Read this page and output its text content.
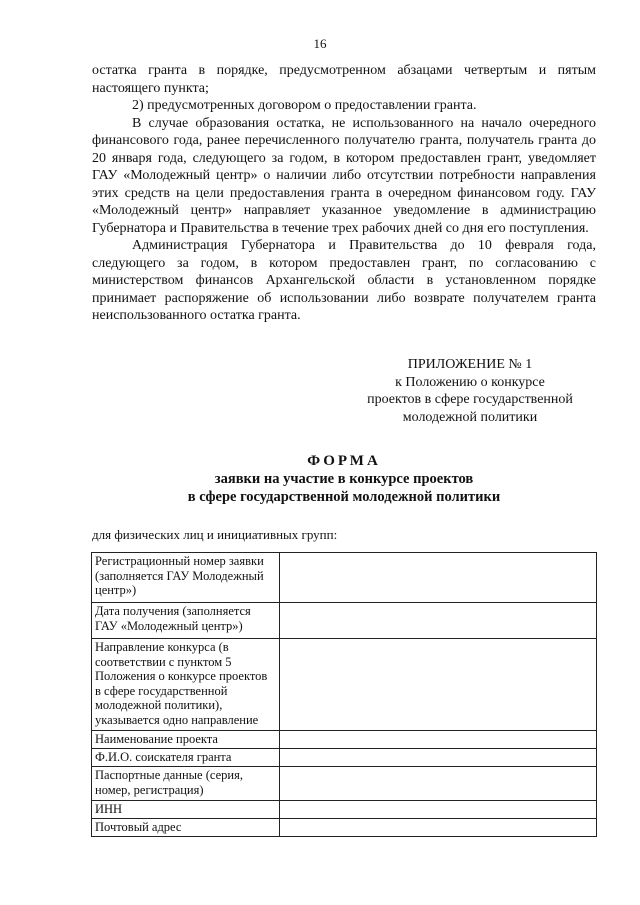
16

остатка гранта в порядке, предусмотренном абзацами четвертым и пятым настоящего пункта;

2) предусмотренных договором о предоставлении гранта.

В случае образования остатка, не использованного на начало очередного финансового года, ранее перечисленного получателю гранта, получатель гранта до 20 января года, следующего за годом, в котором предоставлен грант, уведомляет ГАУ «Молодежный центр» о наличии либо отсутствии потребности направления этих средств на цели предоставления гранта в очередном финансовом году. ГАУ «Молодежный центр» направляет указанное уведомление в администрацию Губернатора и Правительства в течение трех рабочих дней со дня его поступления.

Администрация Губернатора и Правительства до 10 февраля года, следующего за годом, в котором предоставлен грант, по согласованию с министерством финансов Архангельской области в установленном порядке принимает распоряжение об использовании либо возврате получателем гранта неиспользованного остатка гранта.

ПРИЛОЖЕНИЕ № 1
к Положению о конкурсе
проектов в сфере государственной
молодежной политики
ФОРМА
заявки на участие в конкурсе проектов
в сфере государственной молодежной политики
для физических лиц и инициативных групп:
Регистрационный номер заявки (заполняется ГАУ Молодежный центр»)	
Дата получения (заполняется ГАУ «Молодежный центр»)	
Направление конкурса (в соответствии с пунктом 5 Положения о конкурсе проектов в сфере государственной молодежной политики), указывается одно направление	
Наименование проекта	
Ф.И.О. соискателя гранта	
Паспортные данные (серия, номер, регистрация)	
ИНН	
Почтовый адрес	
